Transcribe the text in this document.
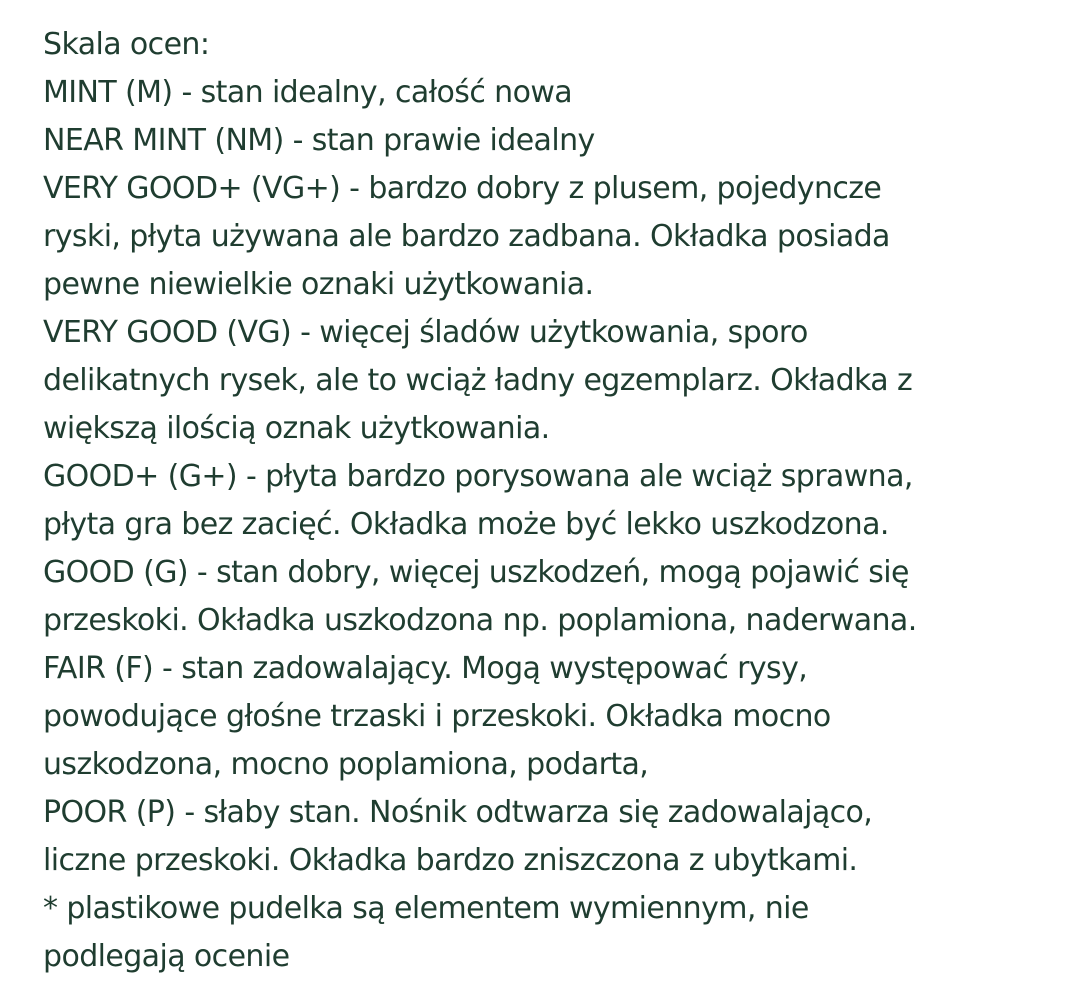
Skala ocen:
MINT (M) - stan idealny, całość nowa
NEAR MINT (NM) - stan prawie idealny
VERY GOOD+ (VG+) - bardzo dobry z plusem, pojedyncze
ryski, płyta używana ale bardzo zadbana. Okładka posiada
pewne niewielkie oznaki użytkowania.
VERY GOOD (VG) - więcej śladów użytkowania, sporo
delikatnych rysek, ale to wciąż ładny egzemplarz. Okładka z
większą ilością oznak użytkowania.
GOOD+ (G+) - płyta bardzo porysowana ale wciąż sprawna,
płyta gra bez zacięć. Okładka może być lekko uszkodzona.
GOOD (G) - stan dobry, więcej uszkodzeń, mogą pojawić się
przeskoki. Okładka uszkodzona np. poplamiona, naderwana.
FAIR (F) - stan zadowalający. Mogą występować rysy,
powodujące głośne trzaski i przeskoki. Okładka mocno
uszkodzona, mocno poplamiona, podarta,
POOR (P) - słaby stan. Nośnik odtwarza się zadowalająco,
liczne przeskoki. Okładka bardzo zniszczona z ubytkami.
* plastikowe pudelka są elementem wymiennym, nie
podlegają ocenie
